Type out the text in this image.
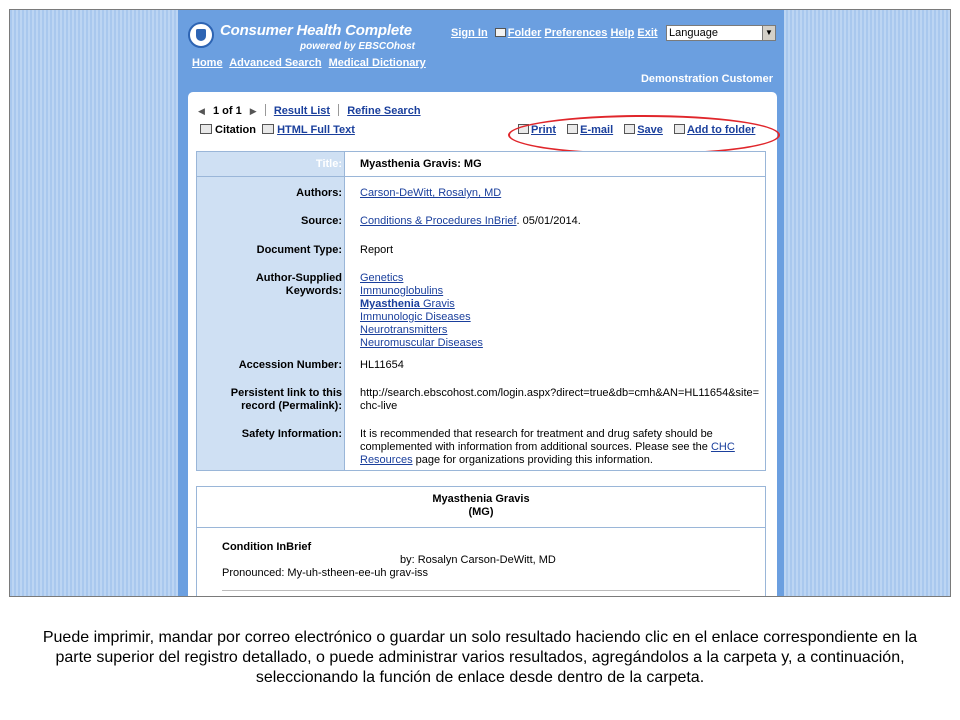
Consumer Health Complete
powered by EBSCOhost
Sign In Folder Preferences Help Exit Language	▼
Home Advanced Search Medical Dictionary
Demonstration Customer
◀ 1 of 1 ▶ Result List Refine Search
Citation HTML Full Text	Print E-mail Save Add to folder
Title: Myasthenia Gravis: MG
Authors: Carson-DeWitt, Rosalyn, MD
Source: Conditions & Procedures InBrief. 05/01/2014.
Document Type: Report
Author-Supplied
Keywords:
Genetics
Immunoglobulins
Myasthenia Gravis
Immunologic Diseases
Neurotransmitters
Neuromuscular Diseases
Accession Number: HL11654
Persistent link to this
record (Permalink):
http://search.ebscohost.com/login.aspx?direct=true&db=cmh&AN=HL11654&site=chc-live
Safety Information: It is recommended that research for treatment and drug safety should be complemented with information from additional sources. Please see the CHC Resources page for organizations providing this information.
Myasthenia Gravis
(MG)
Condition InBrief
by: Rosalyn Carson-DeWitt, MD
Pronounced: My-uh-stheen-ee-uh grav-iss
Puede imprimir, mandar por correo electrónico o guardar un solo resultado haciendo clic en el enlace correspondiente en la parte superior del registro detallado, o puede administrar varios resultados, agregándolos a la carpeta y, a continuación, seleccionando la función de enlace desde dentro de la carpeta.
